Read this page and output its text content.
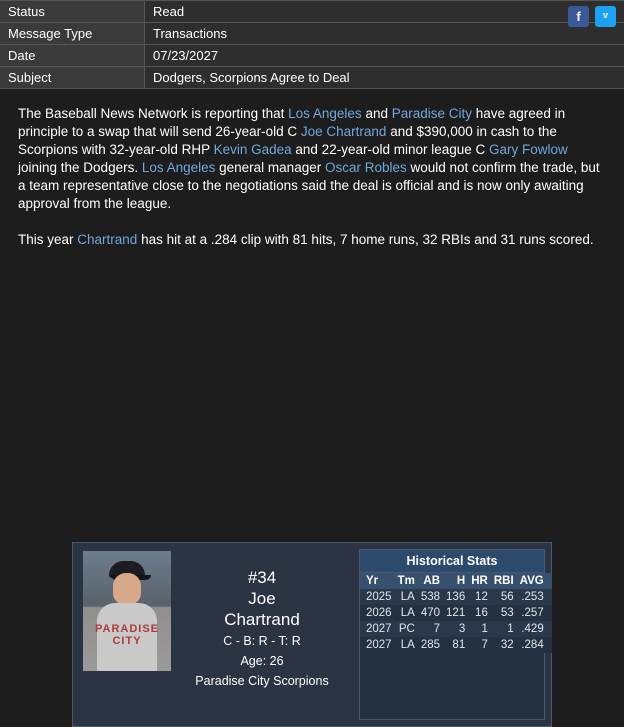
Status	Read
Message Type	Transactions
Date	07/23/2027
Subject	Dodgers, Scorpions Agree to Deal
f	ᵛ

The Baseball News Network is reporting that Los Angeles and Paradise City have agreed in principle to a swap that will send 26-year-old C Joe Chartrand and $390,000 in cash to the Scorpions with 32-year-old RHP Kevin Gadea and 22-year-old minor league C Gary Fowlow joining the Dodgers. Los Angeles general manager Oscar Robles would not confirm the trade, but a team representative close to the negotiations said the deal is official and is now only awaiting approval from the league.

This year Chartrand has hit at a .284 clip with 81 hits, 7 home runs, 32 RBIs and 31 runs scored.

PARADISE
CITY
#34
Joe
Chartrand
C - B: R - T: R
Age: 26
Paradise City Scorpions
Historical Stats
Yr	Tm	AB	H	HR	RBI	AVG
2025	LA	538	136	12	56	.253
2026	LA	470	121	16	53	.257
2027	PC	7	3	1	1	.429
2027	LA	285	81	7	32	.284
